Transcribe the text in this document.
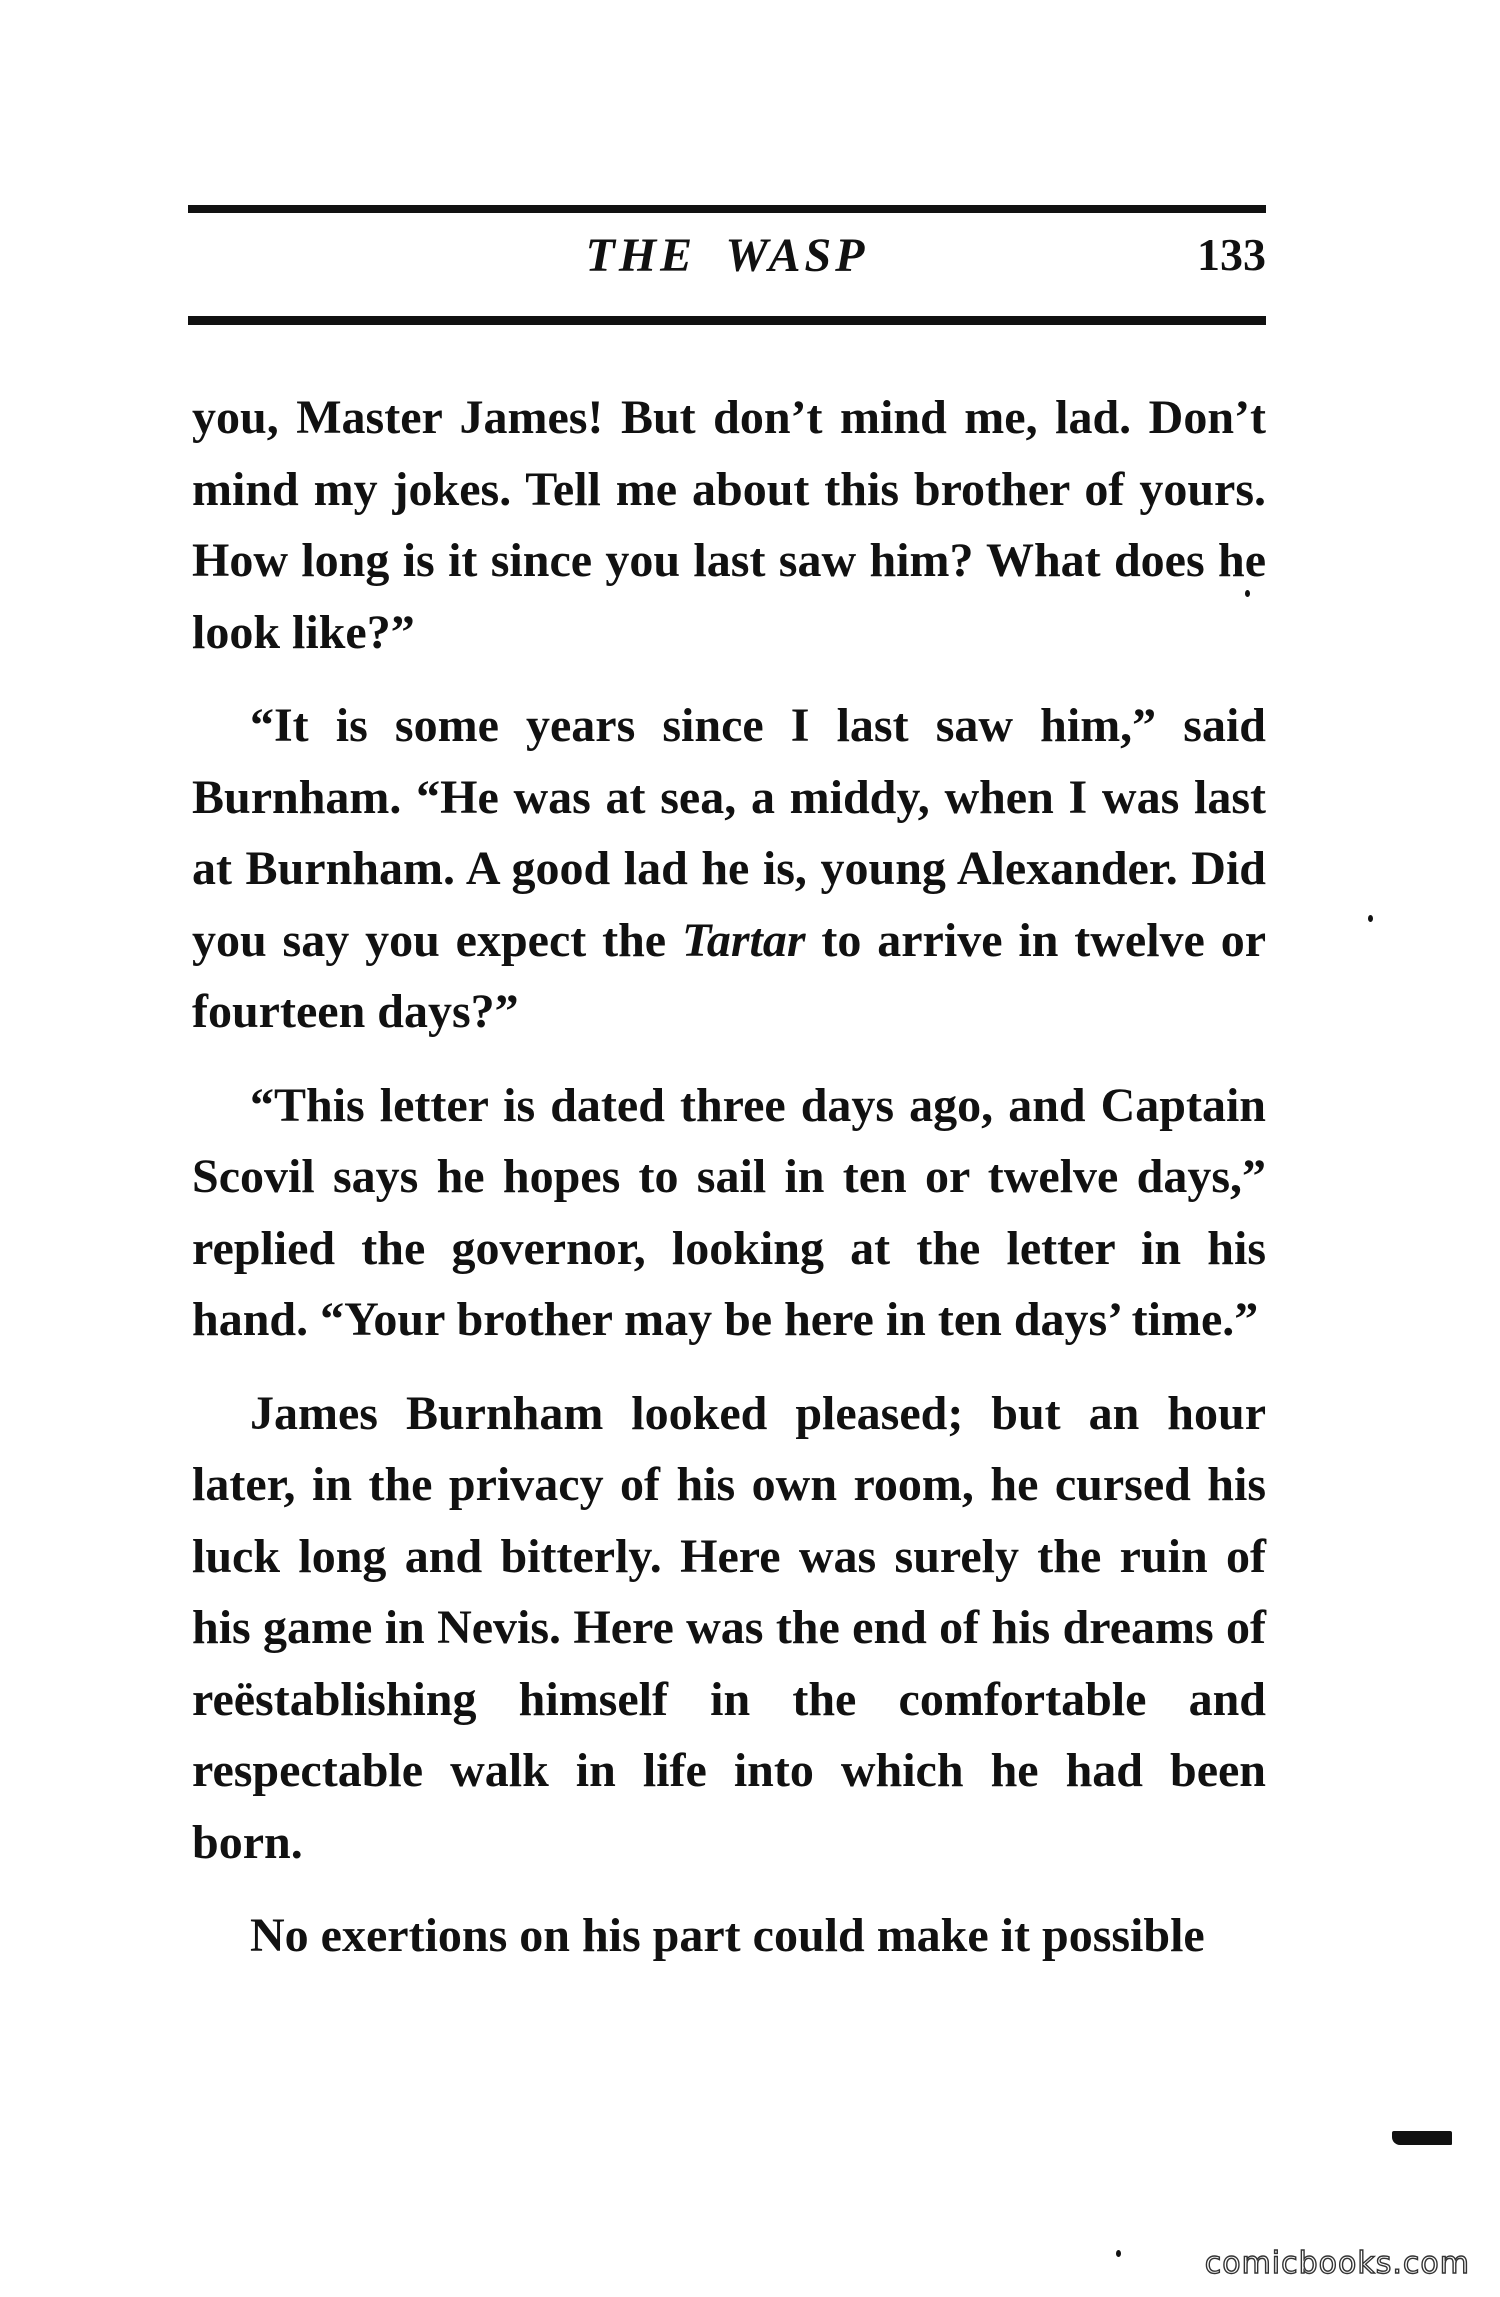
THE WASP	133

you, Master James! But don’t mind me, lad. Don’t mind my jokes. Tell me about this brother of yours. How long is it since you last saw him? What does he look like?”

“It is some years since I last saw him,” said Burnham. “He was at sea, a middy, when I was last at Burnham. A good lad he is, young Alexander. Did you say you expect the Tartar to arrive in twelve or fourteen days?”

“This letter is dated three days ago, and Captain Scovil says he hopes to sail in ten or twelve days,” replied the governor, looking at the letter in his hand. “Your brother may be here in ten days’ time.”

James Burnham looked pleased; but an hour later, in the privacy of his own room, he cursed his luck long and bitterly. Here was surely the ruin of his game in Nevis. Here was the end of his dreams of reëstablishing himself in the comfortable and respectable walk in life into which he had been born.

No exertions on his part could make it possible

comicbooks.com
